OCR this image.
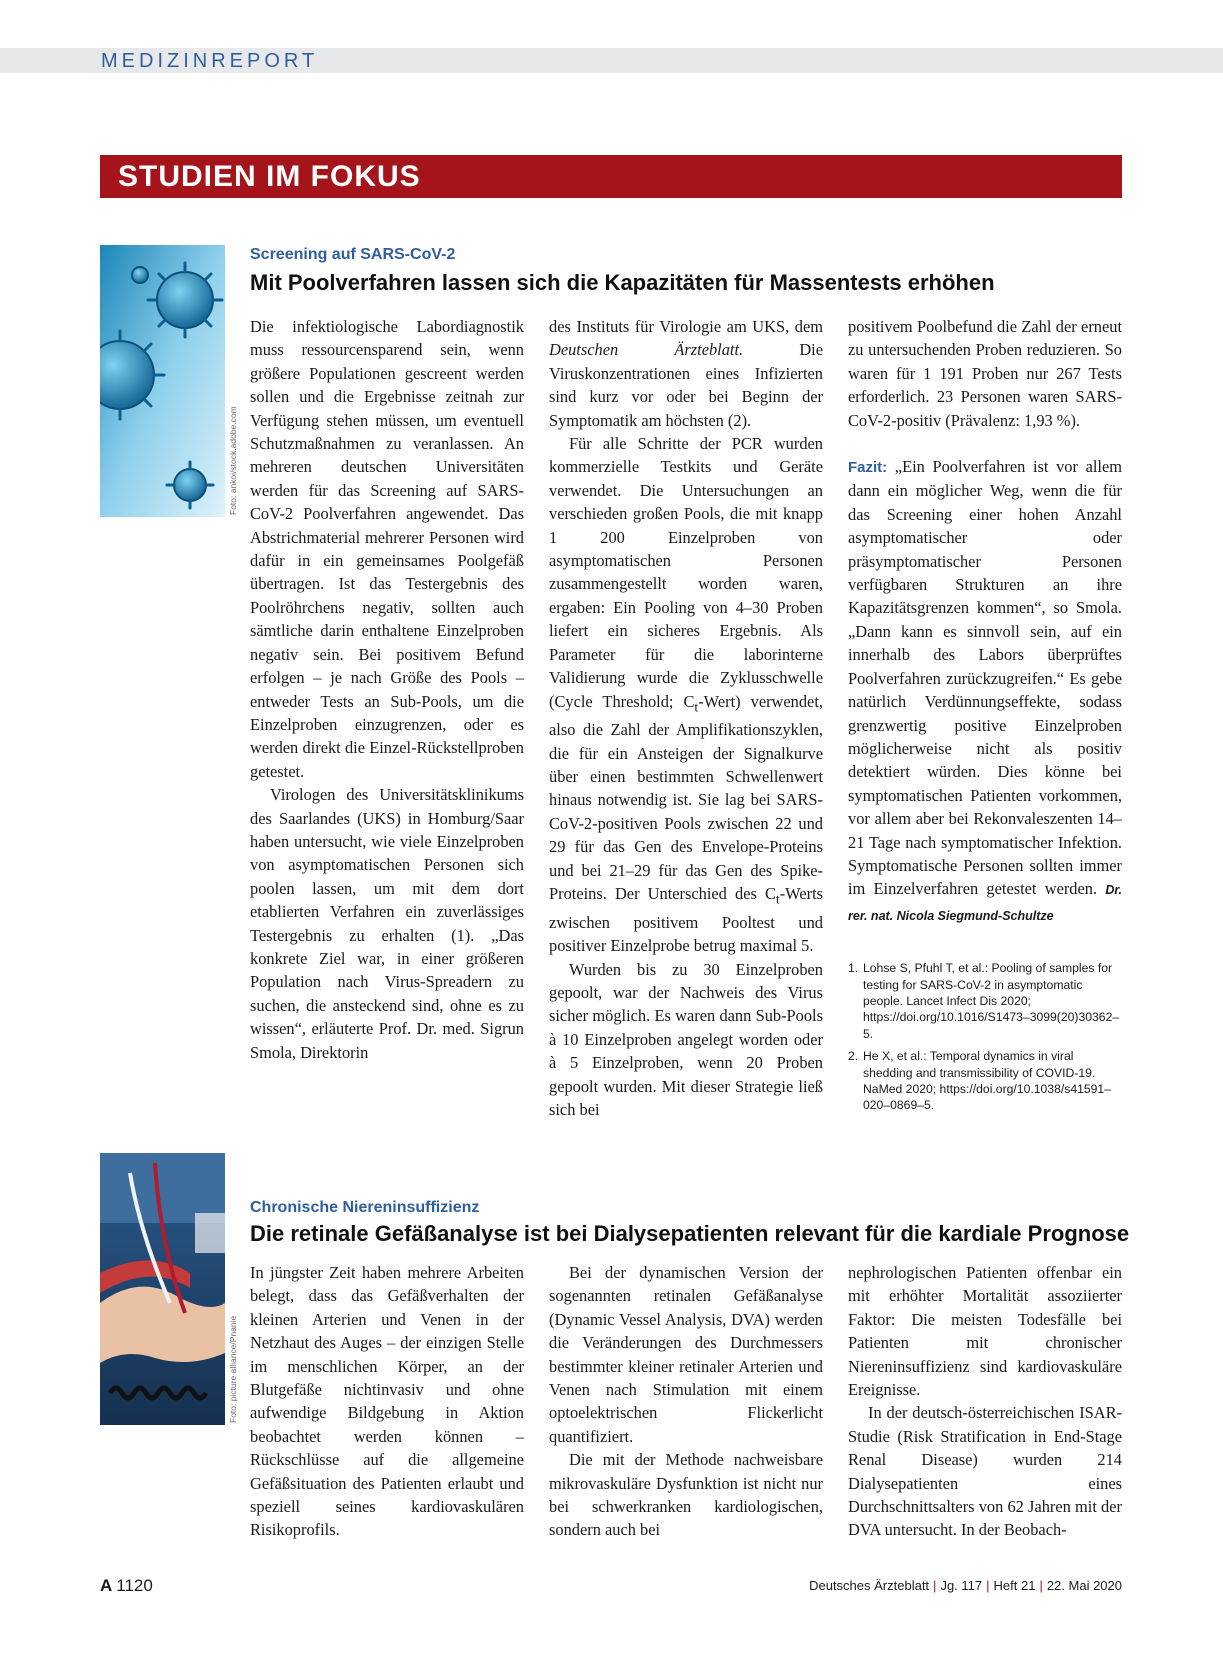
MEDIZINREPORT
STUDIEN IM FOKUS
Foto: ankoi/stock.adobe.com
Screening auf SARS-CoV-2
Mit Poolverfahren lassen sich die Kapazitäten für Massentests erhöhen

Die infektiologische Labordiagnostik muss ressourcensparend sein, wenn größere Populationen gescreent werden sollen und die Ergebnisse zeitnah zur Verfügung stehen müssen, um eventuell Schutzmaßnahmen zu veranlassen. An mehreren deutschen Universitäten werden für das Screening auf SARS-CoV-2 Poolverfahren angewendet. Das Abstrichmaterial mehrerer Personen wird dafür in ein gemeinsames Poolgefäß übertragen. Ist das Testergebnis des Poolröhrchens negativ, sollten auch sämtliche darin enthaltene Einzelproben negativ sein. Bei positivem Befund erfolgen – je nach Größe des Pools – entweder Tests an Sub-Pools, um die Einzelproben einzugrenzen, oder es werden direkt die Einzel-Rückstellproben getestet.

Virologen des Universitätsklinikums des Saarlandes (UKS) in Homburg/Saar haben untersucht, wie viele Einzelproben von asymptomatischen Personen sich poolen lassen, um mit dem dort etablierten Verfahren ein zuverlässiges Testergebnis zu erhalten (1). „Das konkrete Ziel war, in einer größeren Population nach Virus-Spreadern zu suchen, die ansteckend sind, ohne es zu wissen“, erläuterte Prof. Dr. med. Sigrun Smola, Direktorin

des Instituts für Virologie am UKS, dem Deutschen Ärzteblatt. Die Viruskonzentrationen eines Infizierten sind kurz vor oder bei Beginn der Symptomatik am höchsten (2).

Für alle Schritte der PCR wurden kommerzielle Testkits und Geräte verwendet. Die Untersuchungen an verschieden großen Pools, die mit knapp 1 200 Einzelproben von asymptomatischen Personen zusammengestellt worden waren, ergaben: Ein Pooling von 4–30 Proben liefert ein sicheres Ergebnis. Als Parameter für die laborinterne Validierung wurde die Zyklusschwelle (Cycle Threshold; $C_t-Wert$) verwendet, also die Zahl der Amplifikationszyklen, die für ein Ansteigen der Signalkurve über einen bestimmten Schwellenwert hinaus notwendig ist. Sie lag bei SARS-CoV-2-positiven Pools zwischen 22 und 29 für das Gen des Envelope-Proteins und bei 21–29 für das Gen des Spike-Proteins. Der Unterschied des $C_t$-Werts zwischen positivem Pooltest und positiver Einzelprobe betrug maximal 5.

Wurden bis zu 30 Einzelproben gepoolt, war der Nachweis des Virus sicher möglich. Es waren dann Sub-Pools à 10 Einzelproben angelegt worden oder à 5 Einzelproben, wenn 20 Proben gepoolt wurden. Mit dieser Strategie ließ sich bei

positivem Poolbefund die Zahl der erneut zu untersuchenden Proben reduzieren. So waren für 1 191 Proben nur 267 Tests erforderlich. 23 Personen waren SARS-CoV-2-positiv (Prävalenz: 1,93 %).

Fazit: „Ein Poolverfahren ist vor allem dann ein möglicher Weg, wenn die für das Screening einer hohen Anzahl asymptomatischer oder präsymptomatischer Personen verfügbaren Strukturen an ihre Kapazitätsgrenzen kommen“, so Smola. „Dann kann es sinnvoll sein, auf ein innerhalb des Labors überprüftes Poolverfahren zurückzugreifen.“ Es gebe natürlich Verdünnungseffekte, sodass grenzwertig positive Einzelproben möglicherweise nicht als positiv detektiert würden. Dies könne bei symptomatischen Patienten vorkommen, vor allem aber bei Rekonvaleszenten 14–21 Tage nach symptomatischer Infektion. Symptomatische Personen sollten immer im Einzelverfahren getestet werden. Dr. rer. nat. Nicola Siegmund-Schultze

1. Lohse S, Pfuhl T, et al.: Pooling of samples for testing for SARS-CoV-2 in asymptomatic people. Lancet Infect Dis 2020; https://doi.org/10.1016/S1473–3099(20)30362–5.
2. He X, et al.: Temporal dynamics in viral shedding and transmissibility of COVID-19. NaMed 2020; https://doi.org/10.1038/s41591–020–0869–5.
Foto: picture alliance/Pnanie
Chronische Niereninsuffizienz
Die retinale Gefäßanalyse ist bei Dialysepatienten relevant für die kardiale Prognose

In jüngster Zeit haben mehrere Arbeiten belegt, dass das Gefäßverhalten der kleinen Arterien und Venen in der Netzhaut des Auges – der einzigen Stelle im menschlichen Körper, an der Blutgefäße nichtinvasiv und ohne aufwendige Bildgebung in Aktion beobachtet werden können – Rückschlüsse auf die allgemeine Gefäßsituation des Patienten erlaubt und speziell seines kardiovaskulären Risikoprofils.

Bei der dynamischen Version der sogenannten retinalen Gefäßanalyse (Dynamic Vessel Analysis, DVA) werden die Veränderungen des Durchmessers bestimmter kleiner retinaler Arterien und Venen nach Stimulation mit einem optoelektrischen Flickerlicht quantifiziert.

Die mit der Methode nachweisbare mikrovaskuläre Dysfunktion ist nicht nur bei schwerkranken kardiologischen, sondern auch bei

nephrologischen Patienten offenbar ein mit erhöhter Mortalität assoziierter Faktor: Die meisten Todesfälle bei Patienten mit chronischer Niereninsuffizienz sind kardiovaskuläre Ereignisse.

In der deutsch-österreichischen ISAR-Studie (Risk Stratification in End-Stage Renal Disease) wurden 214 Dialysepatienten eines Durchschnittsalters von 62 Jahren mit der DVA untersucht. In der Beobach-

A 1120	Deutsches Ärzteblatt | Jg. 117 | Heft 21 | 22. Mai 2020
